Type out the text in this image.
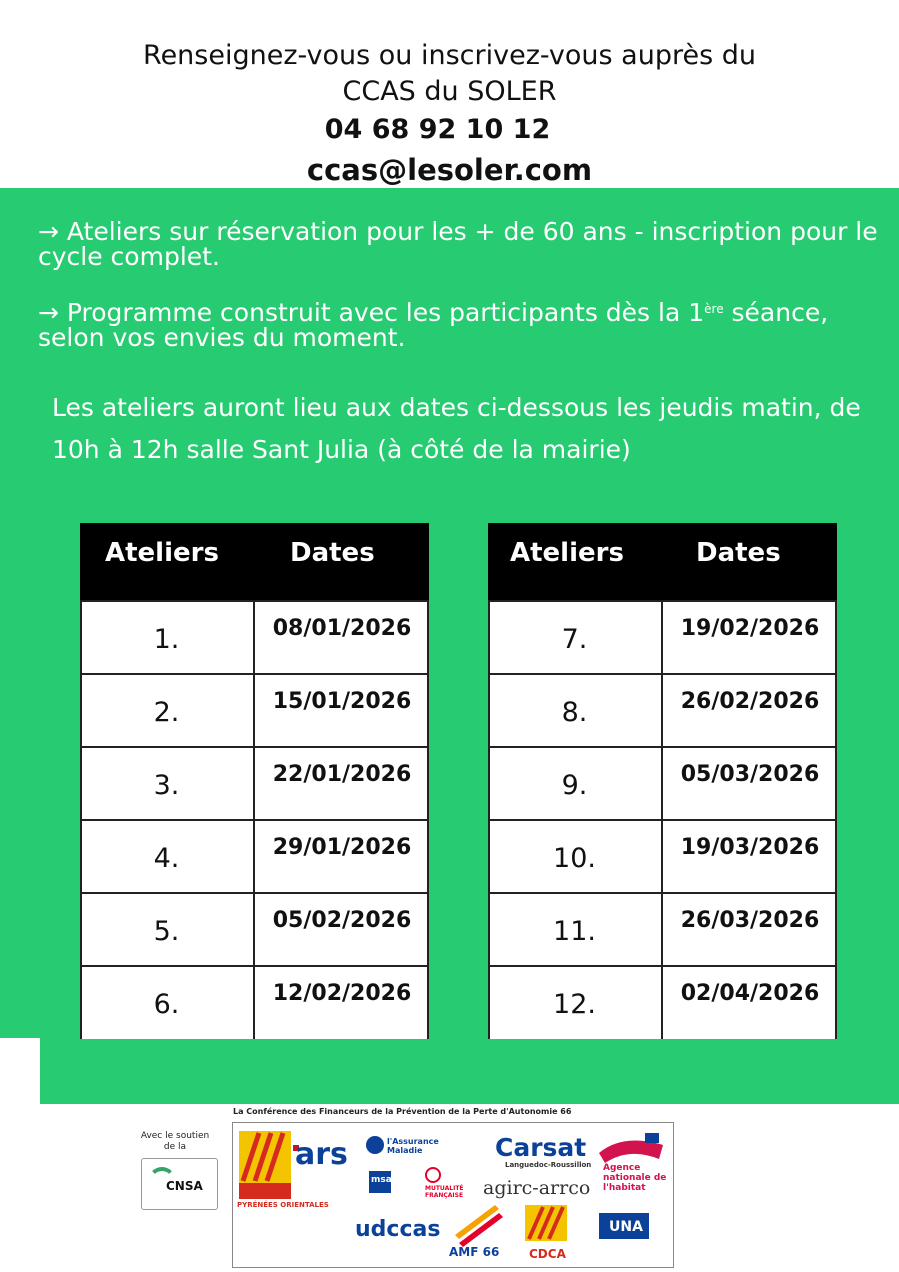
Renseignez-vous ou inscrivez-vous auprès du
CCAS du SOLER
04 68 92 10 12
ccas@lesoler.com
→ Ateliers sur réservation pour les + de 60 ans - inscription pour le cycle complet.
→ Programme construit avec les participants dès la 1ère séance, selon vos envies du moment.
Les ateliers auront lieu aux dates ci-dessous les jeudis matin, de 10h à 12h salle Sant Julia (à côté de la mairie)
Ateliers	Dates
1.	08/01/2026
2.	15/01/2026
3.	22/01/2026
4.	29/01/2026
5.	05/02/2026
6.	12/02/2026
Ateliers	Dates
7.	19/02/2026
8.	26/02/2026
9.	05/03/2026
10.	19/03/2026
11.	26/03/2026
12.	02/04/2026
La Conférence des Financeurs de la Prévention de la Perte d'Autonomie 66
Avec le soutien de la
CNSA
PYRÉNÉES ORIENTALES
ars	l'Assurance Maladie	Carsat
Languedoc-Roussillon Agence nationale de l'habitat
msa
MUTUALITÉ FRANÇAISE agirc-arrco
udccas
AMF 66 CDCA
UNA
